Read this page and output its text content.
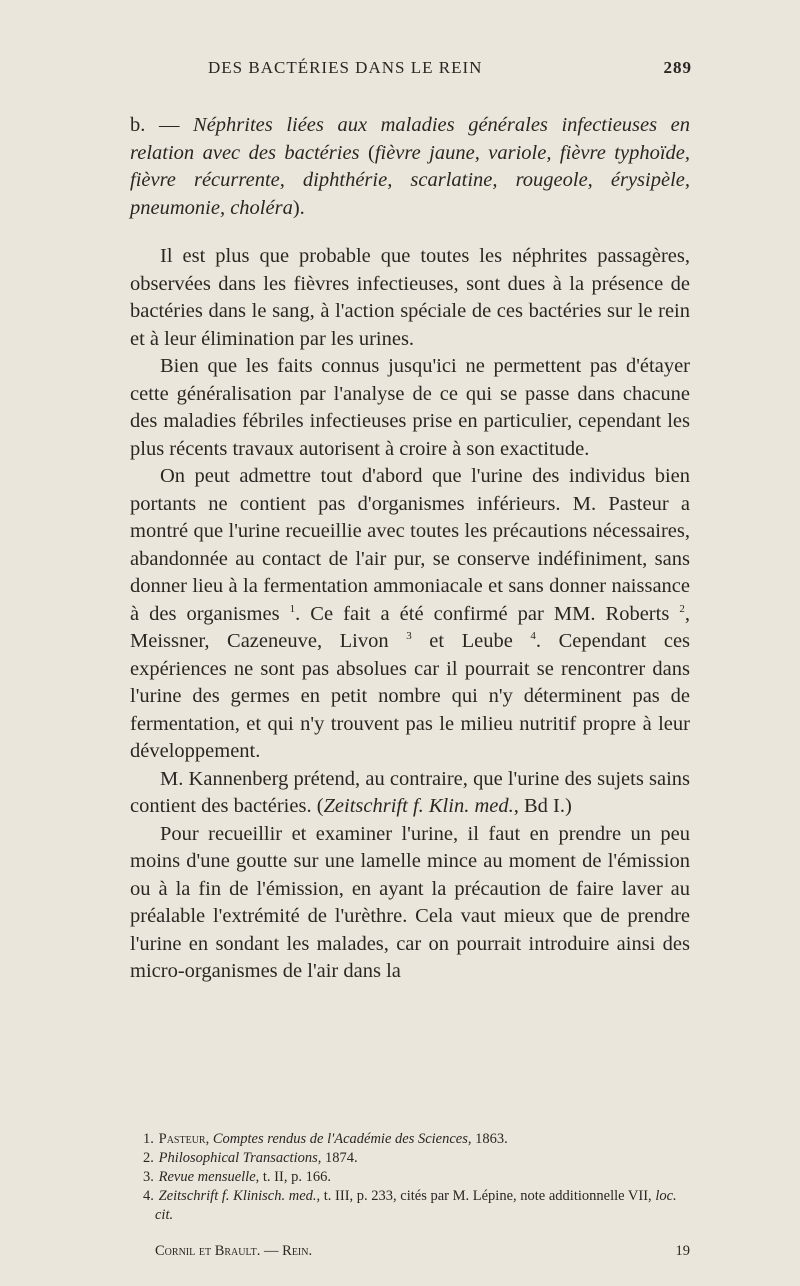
DES BACTÉRIES DANS LE REIN	289

b. — Néphrites liées aux maladies générales infectieuses en relation avec des bactéries (fièvre jaune, variole, fièvre typhoïde, fièvre récurrente, diphthérie, scarlatine, rougeole, érysipèle, pneumonie, choléra).

Il est plus que probable que toutes les néphrites passagères, observées dans les fièvres infectieuses, sont dues à la présence de bactéries dans le sang, à l'action spéciale de ces bactéries sur le rein et à leur élimination par les urines.

Bien que les faits connus jusqu'ici ne permettent pas d'étayer cette généralisation par l'analyse de ce qui se passe dans chacune des maladies fébriles infectieuses prise en particulier, cependant les plus récents travaux autorisent à croire à son exactitude.

On peut admettre tout d'abord que l'urine des individus bien portants ne contient pas d'organismes inférieurs. M. Pasteur a montré que l'urine recueillie avec toutes les précautions nécessaires, abandonnée au contact de l'air pur, se conserve indéfiniment, sans donner lieu à la fermentation ammoniacale et sans donner naissance à des organismes $^1$. Ce fait a été confirmé par MM. Roberts $^2$, Meissner, Cazeneuve, Livon $^3$ et Leube $^4$. Cependant ces expériences ne sont pas absolues car il pourrait se rencontrer dans l'urine des germes en petit nombre qui n'y déterminent pas de fermentation, et qui n'y trouvent pas le milieu nutritif propre à leur développement.

M. Kannenberg prétend, au contraire, que l'urine des sujets sains contient des bactéries. (Zeitschrift f. Klin. med., Bd I.)

Pour recueillir et examiner l'urine, il faut en prendre un peu moins d'une goutte sur une lamelle mince au moment de l'émission ou à la fin de l'émission, en ayant la précaution de faire laver au préalable l'extrémité de l'urèthre. Cela vaut mieux que de prendre l'urine en sondant les malades, car on pourrait introduire ainsi des micro-organismes de l'air dans la

1. Pasteur, Comptes rendus de l'Académie des Sciences, 1863.

2. Philosophical Transactions, 1874.

3. Revue mensuelle, t. II, p. 166.

4. Zeitschrift f. Klinisch. med., t. III, p. 233, cités par M. Lépine, note additionnelle VII, loc. cit.

Cornil et Brault. — Rein.	19
